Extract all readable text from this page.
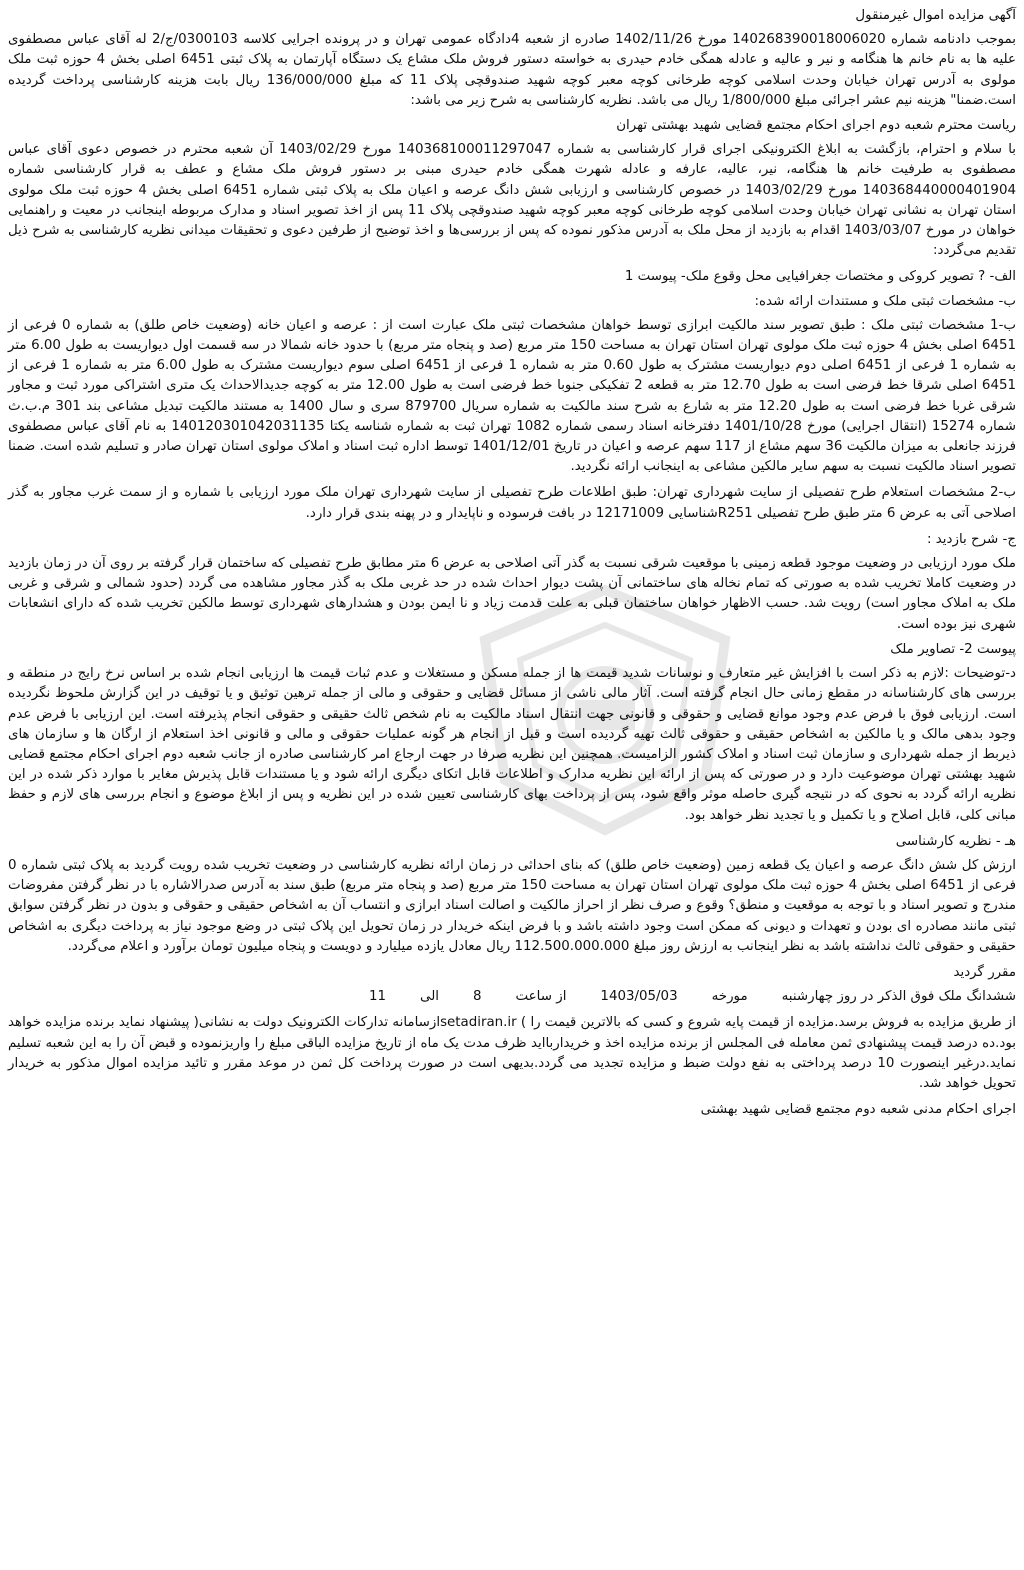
آگهی مزایده اموال غیرمنقول

بموجب دادنامه شماره 140268390018006020 مورخ 1402/11/26 صادره از شعبه 4دادگاه عمومی تهران و در پرونده اجرایی کلاسه 0300103/ج/2 له آقای عباس مصطفوی علیه ها به نام خانم ها هنگامه و نیر و عالیه و عادله همگی خادم حیدری به خواسته دستور فروش ملک مشاع یک دستگاه آپارتمان به پلاک ثبتی 6451 اصلی بخش 4 حوزه ثبت ملک مولوی به آدرس تهران خیابان وحدت اسلامی کوچه طرخانی کوچه معبر کوچه شهید صندوقچی پلاک 11 که مبلغ 136/000/000 ریال بابت هزینه کارشناسی پرداخت گردیده است.ضمنا" هزینه نیم عشر اجرائی مبلغ 1/800/000 ریال می باشد. نظریه کارشناسی به شرح زیر می باشد:

ریاست محترم شعبه دوم اجرای احکام مجتمع قضایی شهید بهشتی تهران

با سلام و احترام، بازگشت به ابلاغ الکترونیکی اجرای قرار کارشناسی به شماره 140368100011297047 مورخ 1403/02/29 آن شعبه محترم در خصوص دعوی آقای عباس مصطفوی به طرفیت خانم ها هنگامه، نیر، عالیه، عارفه و عادله شهرت همگی خادم حیدری مبنی بر دستور فروش ملک مشاع و عطف به قرار کارشناسی شماره 140368440000401904 مورخ 1403/02/29 در خصوص کارشناسی و ارزیابی شش دانگ عرصه و اعیان ملک به پلاک ثبتی شماره 6451 اصلی بخش 4 حوزه ثبت ملک مولوی استان تهران به نشانی تهران خیابان وحدت اسلامی کوچه طرخانی کوچه معبر کوچه شهید صندوقچی پلاک 11 پس از اخذ تصویر اسناد و مدارک مربوطه اینجانب در معیت و راهنمایی خواهان در مورخ 1403/03/07 اقدام به بازدید از محل ملک به آدرس مذکور نموده که پس از بررسی‌ها و اخذ توضیح از طرفین دعوی و تحقیقات میدانی نظریه کارشناسی به شرح ذیل تقدیم می‌گردد:

الف- ? تصویر کروکی و مختصات جغرافیایی محل وقوع ملک- پیوست 1

ب- مشخصات ثبتی ملک و مستندات ارائه شده:

ب-1 مشخصات ثبتی ملک : طبق تصویر سند مالکیت ابرازی توسط خواهان مشخصات ثبتی ملک عبارت است از : عرصه و اعیان خانه (وضعیت خاص طلق) به شماره 0 فرعی از 6451 اصلی بخش 4 حوزه ثبت ملک مولوی تهران استان تهران به مساحت 150 متر مربع (صد و پنجاه متر مربع) با حدود خانه شمالا در سه قسمت اول دیواریست به طول 6.00 متر به شماره 1 فرعی از 6451 اصلی دوم دیواریست مشترک به طول 0.60 متر به شماره 1 فرعی از 6451 اصلی سوم دیواریست مشترک به طول 6.00 متر به شماره 1 فرعی از 6451 اصلی شرقا خط فرضی است به طول 12.70 متر به قطعه 2 تفکیکی جنوبا خط فرضی است به طول 12.00 متر به کوچه جدیدالاحداث یک متری اشتراکی مورد ثبت و مجاور شرقی غربا خط فرضی است به طول 12.20 متر به شارع به شرح سند مالکیت به شماره سریال 879700 سری و سال 1400 به مستند مالکیت تبدیل مشاعی بند 301 م.ب.ث شماره 15274 (انتقال اجرایی) مورخ 1401/10/28 دفترخانه اسناد رسمی شماره 1082 تهران ثبت به شماره شناسه یکتا 140120301042031135 به نام آقای عباس مصطفوی فرزند جانعلی به میزان مالکیت 36 سهم مشاع از 117 سهم عرصه و اعیان در تاریخ 1401/12/01 توسط اداره ثبت اسناد و املاک مولوی استان تهران صادر و تسلیم شده است. ضمنا تصویر اسناد مالکیت نسبت به سهم سایر مالکین مشاعی به اینجانب ارائه نگردید.

ب-2 مشخصات استعلام طرح تفصیلی از سایت شهرداری تهران: طبق اطلاعات طرح تفصیلی از سایت شهرداری تهران ملک مورد ارزیابی با شماره و از سمت غرب مجاور به گذر اصلاحی آتی به عرض 6 متر طبق طرح تفصیلی R251شناسایی 12171009 در بافت فرسوده و ناپایدار و در پهنه بندی قرار دارد.

ج- شرح بازدید :

ملک مورد ارزیابی در وضعیت موجود قطعه زمینی با موقعیت شرقی نسبت به گذر آتی اصلاحی به عرض 6 متر مطابق طرح تفصیلی که ساختمان قرار گرفته بر روی آن در زمان بازدید در وضعیت کاملا تخریب شده به صورتی که تمام نخاله های ساختمانی آن پشت دیوار احداث شده در حد غربی ملک به گذر مجاور مشاهده می گردد (حدود شمالی و شرقی و غربی ملک به املاک مجاور است) رویت شد. حسب الاظهار خواهان ساختمان قبلی به علت قدمت زیاد و نا ایمن بودن و هشدارهای شهرداری توسط مالکین تخریب شده که دارای انشعابات شهری نیز بوده است.

پیوست 2- تصاویر ملک

د-توضیحات :لازم به ذکر است با افزایش غیر متعارف و نوسانات شدید قیمت ها از جمله مسکن و مستغلات و عدم ثبات قیمت ها ارزیابی انجام شده بر اساس نرخ رایج در منطقه و بررسی های کارشناسانه در مقطع زمانی حال انجام گرفته است. آثار مالی ناشی از مسائل قضایی و حقوقی و مالی از جمله ترهین توثیق و یا توقیف در این گزارش ملحوظ نگردیده است. ارزیابی فوق با فرض عدم وجود موانع قضایی و حقوقی و قانونی جهت انتقال اسناد مالکیت به نام شخص ثالث حقیقی و حقوقی انجام پذیرفته است. این ارزیابی با فرض عدم وجود بدهی مالک و یا مالکین به اشخاص حقیقی و حقوقی ثالث تهیه گردیده است و قبل از انجام هر گونه عملیات حقوقی و مالی و قانونی اخذ استعلام از ارگان ها و سازمان های ذیربط از جمله شهرداری و سازمان ثبت اسناد و املاک کشور الزامیست. همچنین این نظریه صرفا در جهت ارجاع امر کارشناسی صادره از جانب شعبه دوم اجرای احکام مجتمع قضایی شهید بهشتی تهران موضوعیت دارد و در صورتی که پس از ارائه این نظریه مدارک و اطلاعات قابل اتکای دیگری ارائه شود و یا مستندات قابل پذیرش مغایر با موارد ذکر شده در این نظریه ارائه گردد به نحوی که در نتیجه گیری حاصله موثر واقع شود، پس از پرداخت بهای کارشناسی تعیین شده در این نظریه و پس از ابلاغ موضوع و انجام بررسی های لازم و حفظ مبانی کلی، قابل اصلاح و یا تکمیل و یا تجدید نظر خواهد بود.

هـ - نظریه کارشناسی

ارزش کل شش دانگ عرصه و اعیان یک قطعه زمین (وضعیت خاص طلق) که بنای احداثی در زمان ارائه نظریه کارشناسی در وضعیت تخریب شده رویت گردید به پلاک ثبتی شماره 0 فرعی از 6451 اصلی بخش 4 حوزه ثبت ملک مولوی تهران استان تهران به مساحت 150 متر مربع (صد و پنجاه متر مربع) طبق سند به آدرس صدرالاشاره با در نظر گرفتن مفروضات مندرج و تصویر اسناد و با توجه به موقعیت و منطق؟ وقوع و صرف نظر از احراز مالکیت و اصالت اسناد ابرازی و انتساب آن به اشخاص حقیقی و حقوقی و بدون در نظر گرفتن سوابق ثبتی مانند مصادره ای بودن و تعهدات و دیونی که ممکن است وجود داشته باشد و با فرض اینکه خریدار در زمان تحویل این پلاک ثبتی در وضع موجود نیاز به پرداخت دیگری به اشخاص حقیقی و حقوقی ثالث نداشته باشد به نظر اینجانب به ارزش روز مبلغ 112.500.000.000 ریال معادل یازده میلیارد و دویست و پنجاه میلیون تومان برآورد و اعلام می‌گردد.

مقرر گردید

ششدانگ ملک فوق الذکر در روز چهارشنبه
مورخه
1403/05/03
از ساعت
8
الی
11

از طریق مزایده به فروش برسد.مزایده از قیمت پایه شروع و کسی که بالاترین قیمت را ) setadiran.irازسامانه تدارکات الکترونیک دولت به نشانی( پیشنهاد نماید برنده مزایده خواهد بود.ده درصد قیمت پیشنهادی ثمن معامله فی المجلس از برنده مزایده اخذ و خریداربااید ظرف مدت یک ماه از تاریخ مزایده الباقی مبلغ را واریزنموده و قبض آن را به این شعبه تسلیم نماید.درغیر اینصورت 10 درصد پرداختی به نفع دولت ضبط و مزایده تجدید می گردد.بدیهی است در صورت پرداخت کل ثمن در موعد مقرر و تائید مزایده اموال مذکور به خریدار تحویل خواهد شد.

اجرای احکام مدنی شعبه دوم مجتمع قضایی شهید بهشتی
